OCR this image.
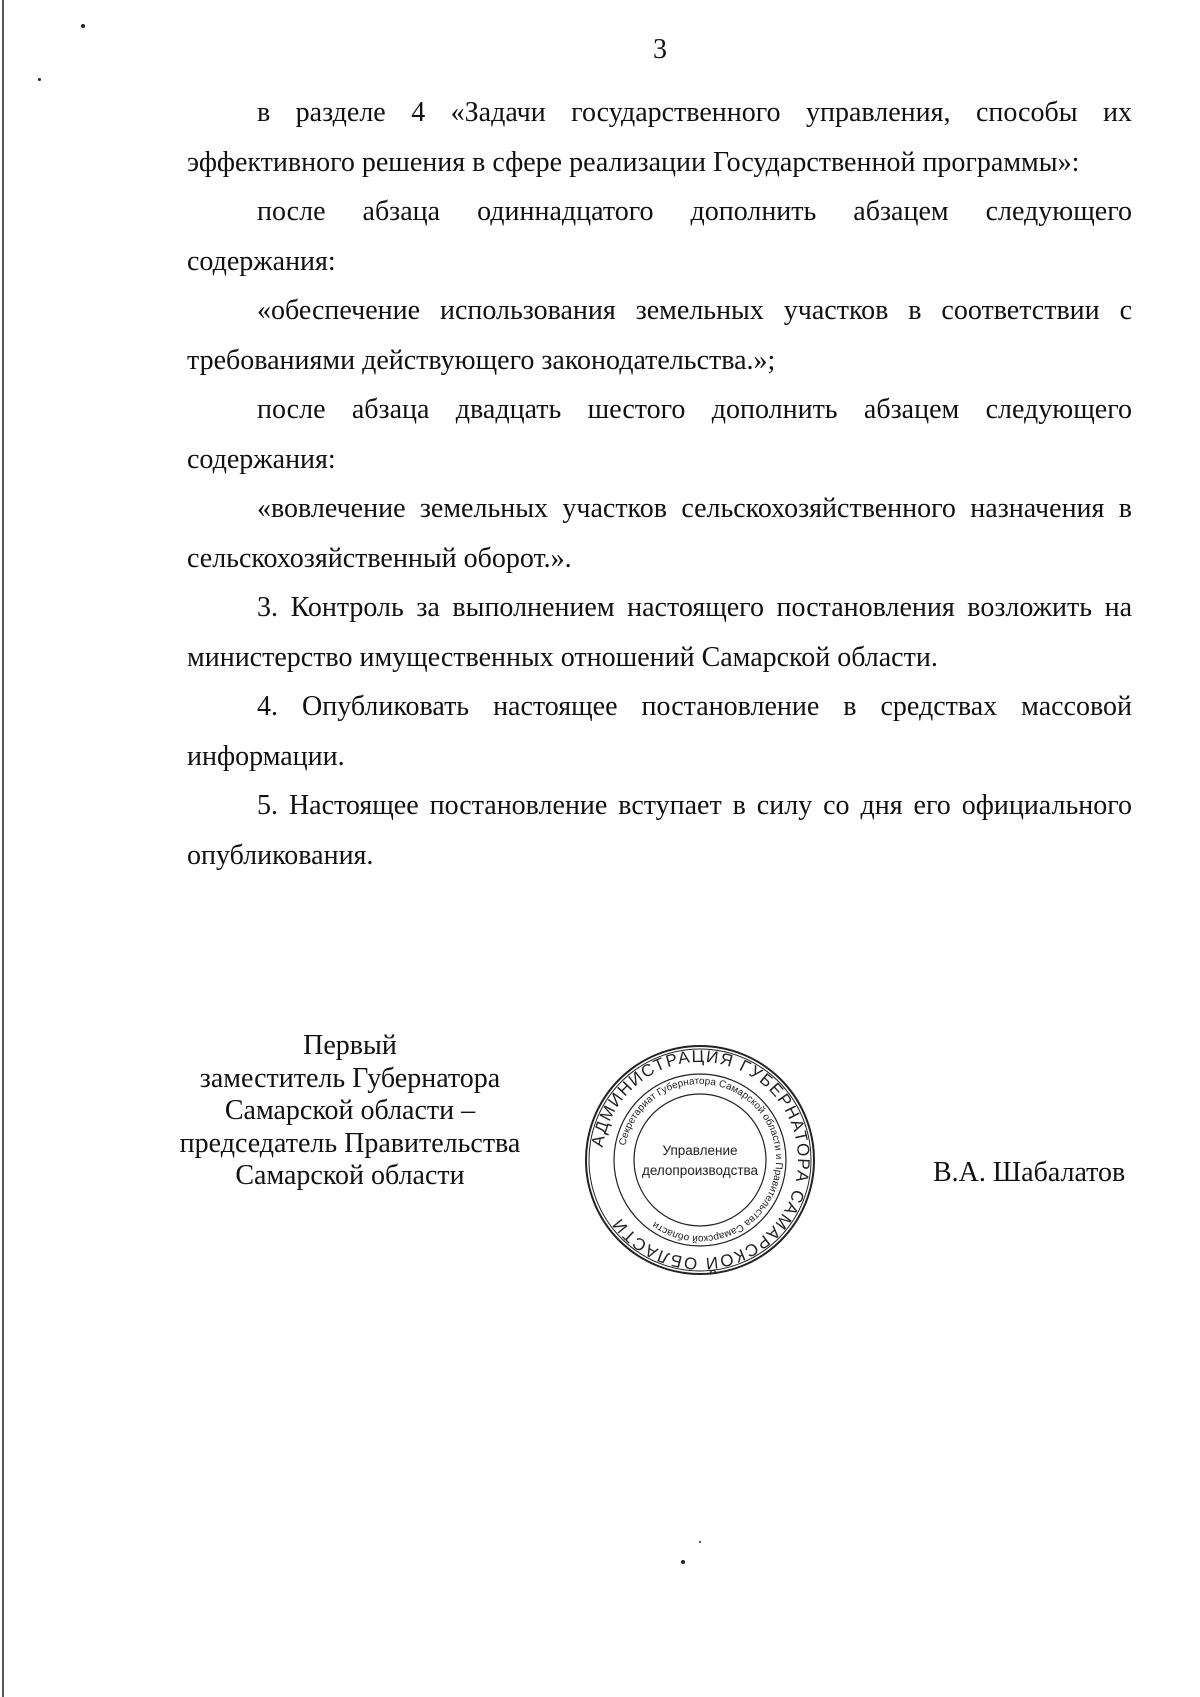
3

в разделе 4 «Задачи государственного управления, способы их эффективного решения в сфере реализации Государственной программы»:

после абзаца одиннадцатого дополнить абзацем следующего содержания:

«обеспечение использования земельных участков в соответствии с требованиями действующего законодательства.»;

после абзаца двадцать шестого дополнить абзацем следующего содержания:

«вовлечение земельных участков сельскохозяйственного назначения в сельскохозяйственный оборот.».

3. Контроль за выполнением настоящего постановления возложить на министерство имущественных отношений Самарской области.

4. Опубликовать настоящее постановление в средствах массовой информации.

5. Настоящее постановление вступает в силу со дня его официального опубликования.

Первый
заместитель Губернатора
Самарской области –
председатель Правительства
Самарской области
АДМИНИСТРАЦИЯ ГУБЕРНАТОРА САМАРСКОЙ ОБЛАСТИ
Секретариат Губернатора Самарской области и Правительства Самарской области
Управление
делопроизводства	В.А. Шабалатов
